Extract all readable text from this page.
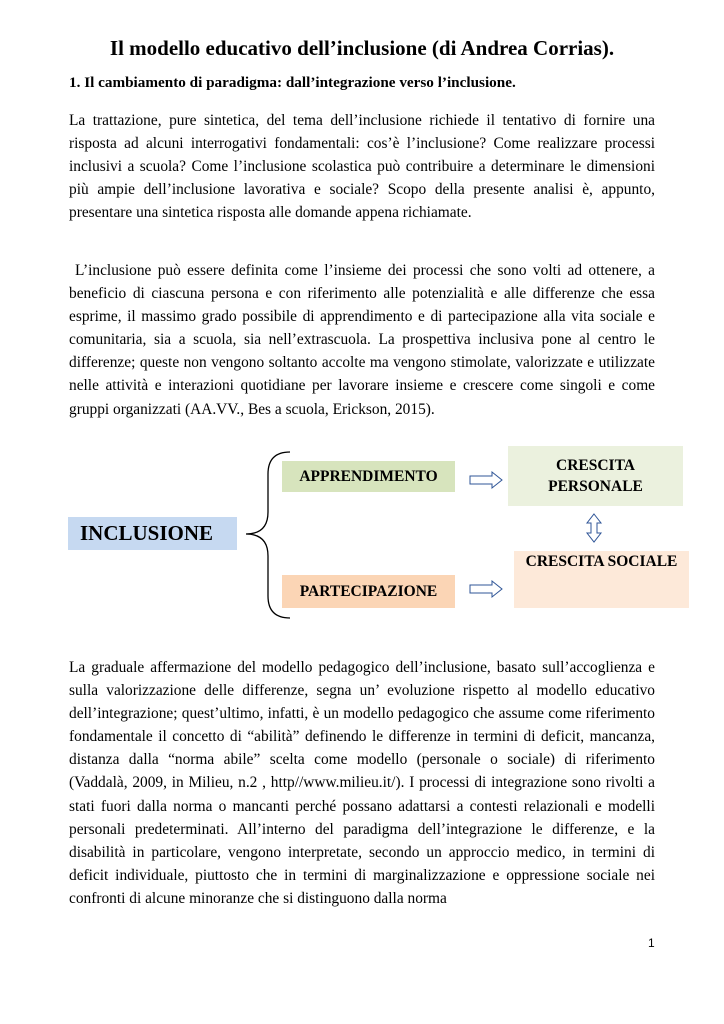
Il modello educativo dell’inclusione (di Andrea Corrias).
1. Il cambiamento di paradigma: dall’integrazione verso l’inclusione.

La trattazione, pure sintetica, del tema dell’inclusione richiede il tentativo di fornire una risposta ad alcuni interrogativi fondamentali: cos’è l’inclusione? Come realizzare processi inclusivi a scuola? Come l’inclusione scolastica può contribuire a determinare le dimensioni più ampie dell’inclusione lavorativa e sociale? Scopo della presente analisi è, appunto, presentare una sintetica risposta alle domande appena richiamate.

L’inclusione può essere definita come l’insieme dei processi che sono volti ad ottenere, a beneficio di ciascuna persona e con riferimento alle potenzialità e alle differenze che essa esprime, il massimo grado possibile di apprendimento e di partecipazione alla vita sociale e comunitaria, sia a scuola, sia nell’extrascuola. La prospettiva inclusiva pone al centro le differenze; queste non vengono soltanto accolte ma vengono stimolate, valorizzate e utilizzate nelle attività e interazioni quotidiane per lavorare insieme e crescere come singoli e come gruppi organizzati (AA.VV., Bes a scuola, Erickson, 2015).

INCLUSIONE
APPRENDIMENTO
PARTECIPAZIONE
CRESCITA PERSONALE
CRESCITA SOCIALE

La graduale affermazione del modello pedagogico dell’inclusione, basato sull’accoglienza e sulla valorizzazione delle differenze, segna un’ evoluzione rispetto al modello educativo dell’integrazione; quest’ultimo, infatti, è un modello pedagogico che assume come riferimento fondamentale il concetto di “abilità” definendo le differenze in termini di deficit, mancanza, distanza dalla “norma abile” scelta come modello (personale o sociale) di riferimento (Vaddalà, 2009, in Milieu, n.2 , http//www.milieu.it/). I processi di integrazione sono rivolti a stati fuori dalla norma o mancanti perché possano adattarsi a contesti relazionali e modelli personali predeterminati. All’interno del paradigma dell’integrazione le differenze, e la disabilità in particolare, vengono interpretate, secondo un approccio medico, in termini di deficit individuale, piuttosto che in termini di marginalizzazione e oppressione sociale nei confronti di alcune minoranze che si distinguono dalla norma

1
